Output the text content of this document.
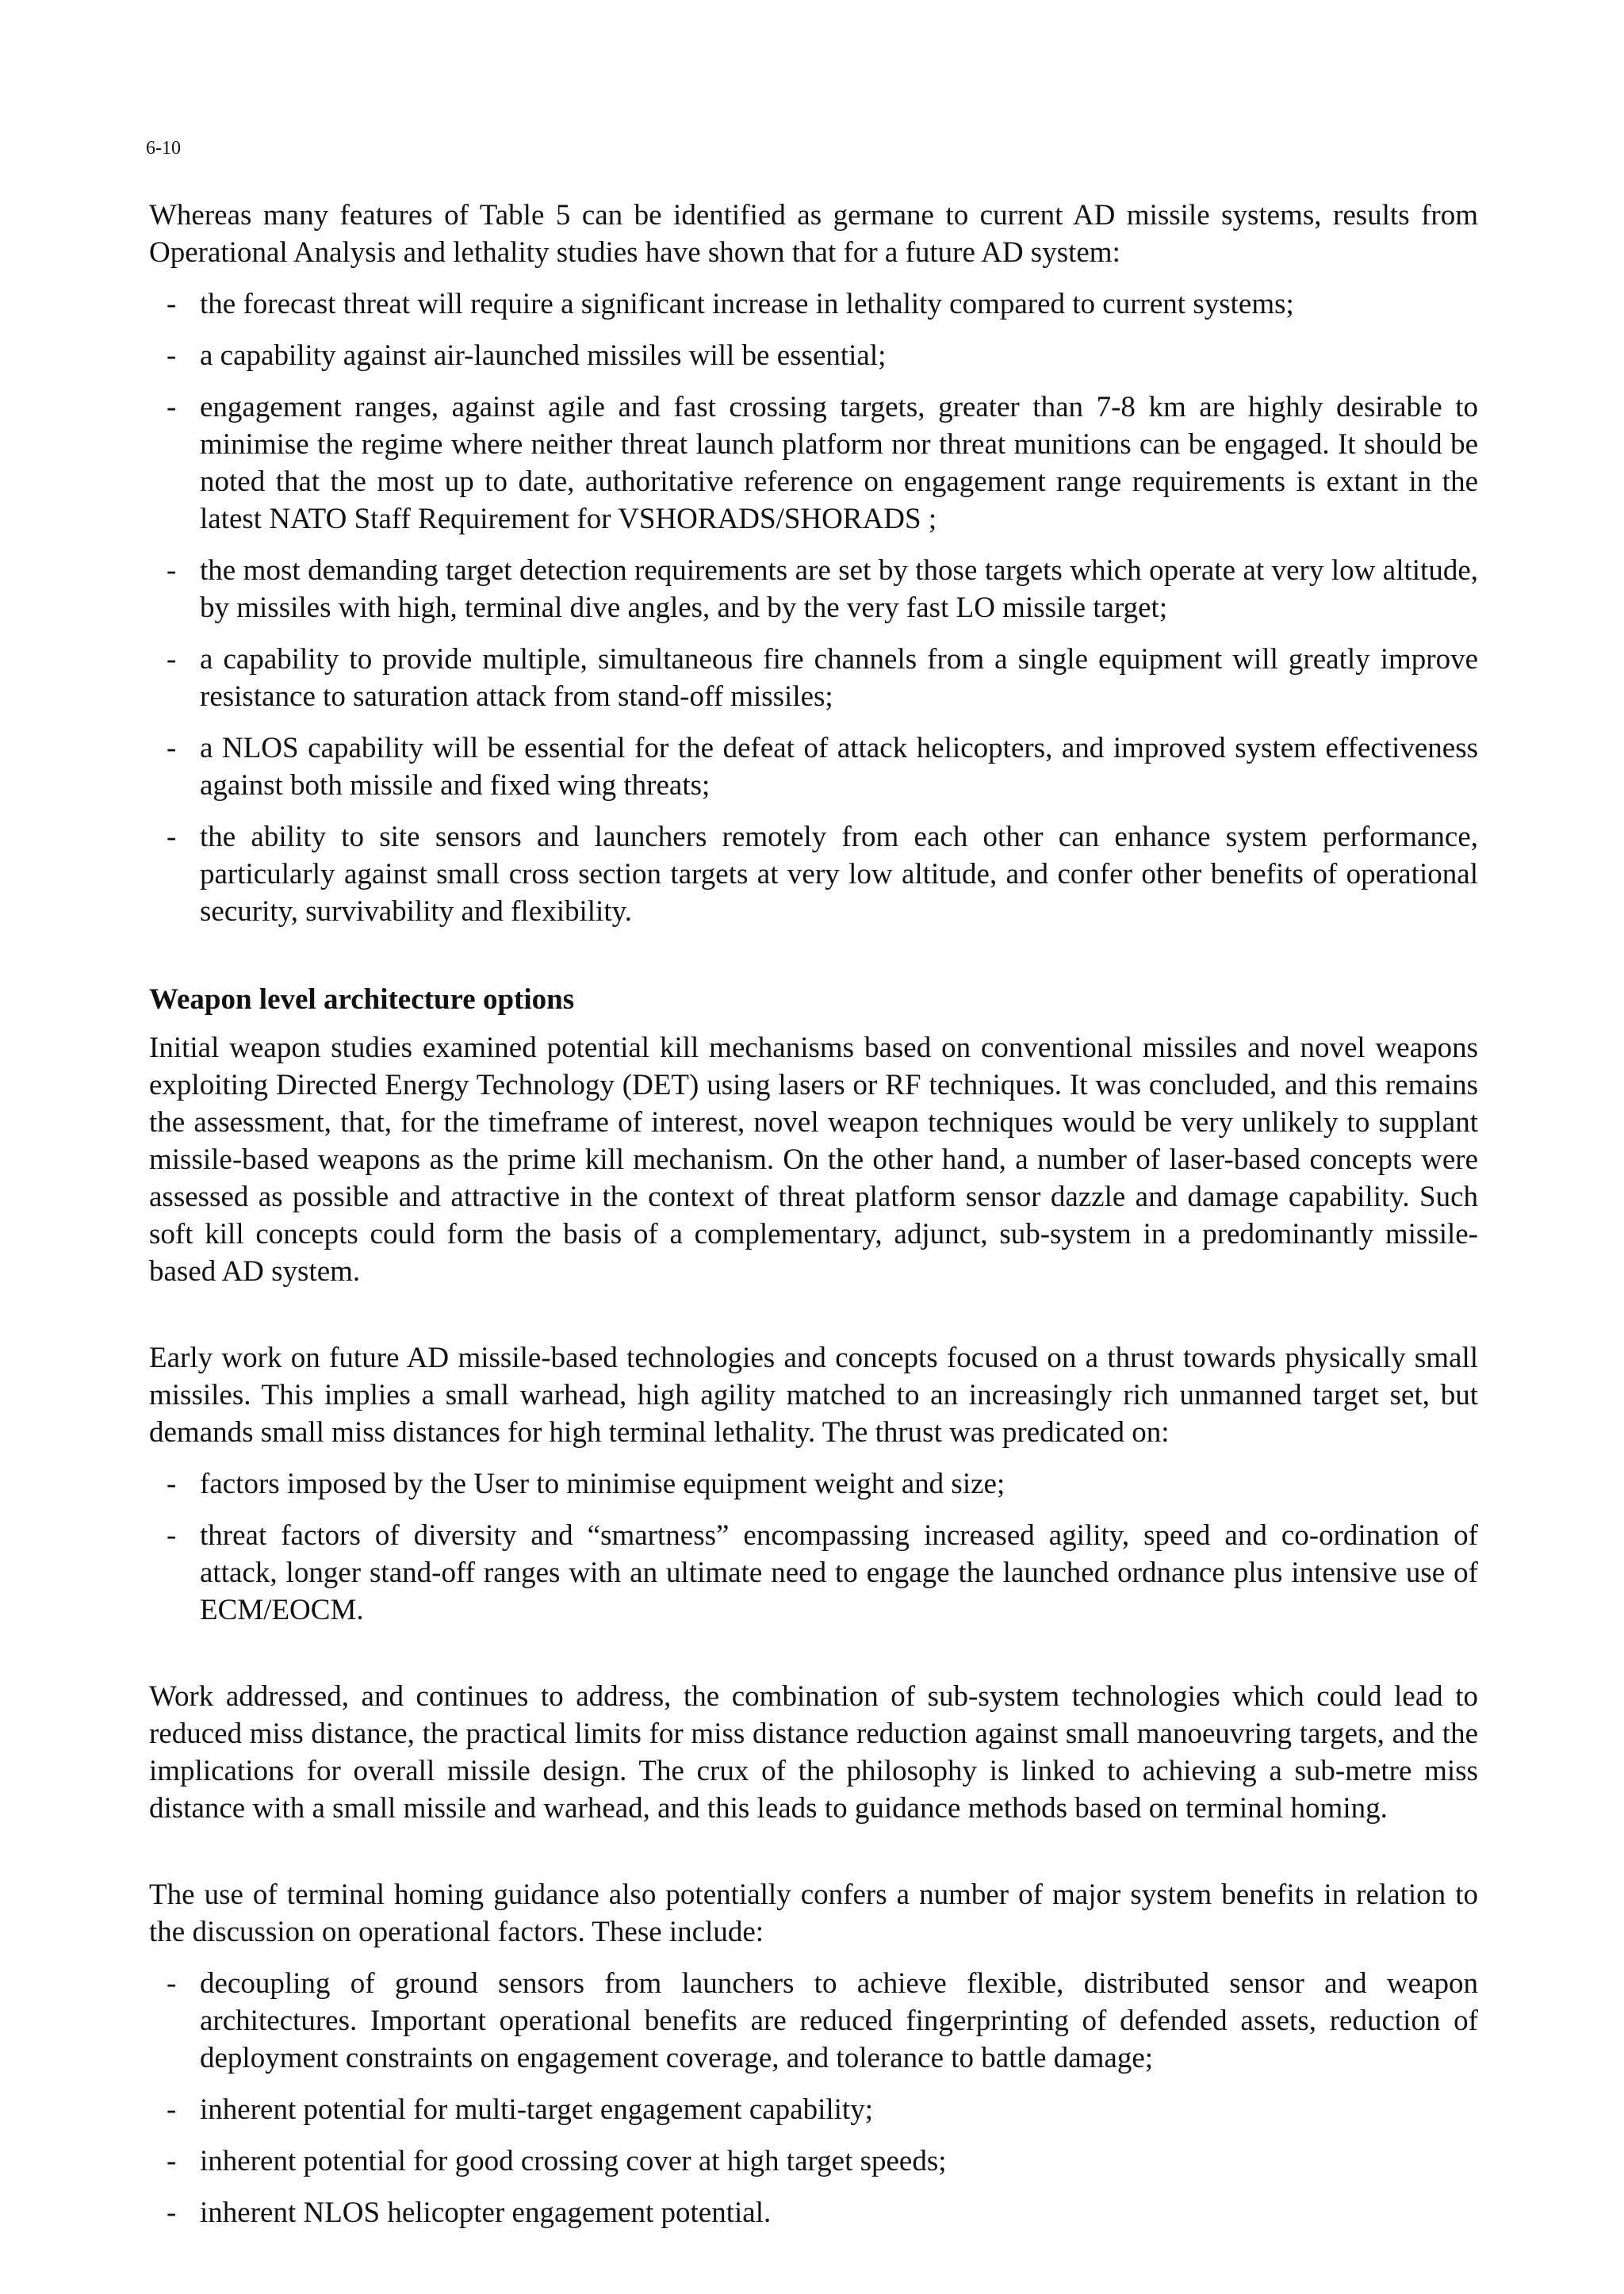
6-10

Whereas many features of Table 5 can be identified as germane to current AD missile systems, results from Operational Analysis and lethality studies have shown that for a future AD system:

- the forecast threat will require a significant increase in lethality compared to current systems;
- a capability against air-launched missiles will be essential;
- engagement ranges, against agile and fast crossing targets, greater than 7-8 km are highly desirable to minimise the regime where neither threat launch platform nor threat munitions can be engaged. It should be noted that the most up to date, authoritative reference on engagement range requirements is extant in the latest NATO Staff Requirement for VSHORADS/SHORADS ;
- the most demanding target detection requirements are set by those targets which operate at very low altitude, by missiles with high, terminal dive angles, and by the very fast LO missile target;
- a capability to provide multiple, simultaneous fire channels from a single equipment will greatly improve resistance to saturation attack from stand-off missiles;
- a NLOS capability will be essential for the defeat of attack helicopters, and improved system effectiveness against both missile and fixed wing threats;
- the ability to site sensors and launchers remotely from each other can enhance system performance, particularly against small cross section targets at very low altitude, and confer other benefits of operational security, survivability and flexibility.
Weapon level architecture options

Initial weapon studies examined potential kill mechanisms based on conventional missiles and novel weapons exploiting Directed Energy Technology (DET) using lasers or RF techniques. It was concluded, and this remains the assessment, that, for the timeframe of interest, novel weapon techniques would be very unlikely to supplant missile-based weapons as the prime kill mechanism. On the other hand, a number of laser-based concepts were assessed as possible and attractive in the context of threat platform sensor dazzle and damage capability. Such soft kill concepts could form the basis of a complementary, adjunct, sub-system in a predominantly missile-based AD system.

Early work on future AD missile-based technologies and concepts focused on a thrust towards physically small missiles. This implies a small warhead, high agility matched to an increasingly rich unmanned target set, but demands small miss distances for high terminal lethality. The thrust was predicated on:

- factors imposed by the User to minimise equipment weight and size;
- threat factors of diversity and “smartness” encompassing increased agility, speed and co-ordination of attack, longer stand-off ranges with an ultimate need to engage the launched ordnance plus intensive use of ECM/EOCM.

Work addressed, and continues to address, the combination of sub-system technologies which could lead to reduced miss distance, the practical limits for miss distance reduction against small manoeuvring targets, and the implications for overall missile design. The crux of the philosophy is linked to achieving a sub-metre miss distance with a small missile and warhead, and this leads to guidance methods based on terminal homing.

The use of terminal homing guidance also potentially confers a number of major system benefits in relation to the discussion on operational factors. These include:

- decoupling of ground sensors from launchers to achieve flexible, distributed sensor and weapon architectures. Important operational benefits are reduced fingerprinting of defended assets, reduction of deployment constraints on engagement coverage, and tolerance to battle damage;
- inherent potential for multi-target engagement capability;
- inherent potential for good crossing cover at high target speeds;
- inherent NLOS helicopter engagement potential.
